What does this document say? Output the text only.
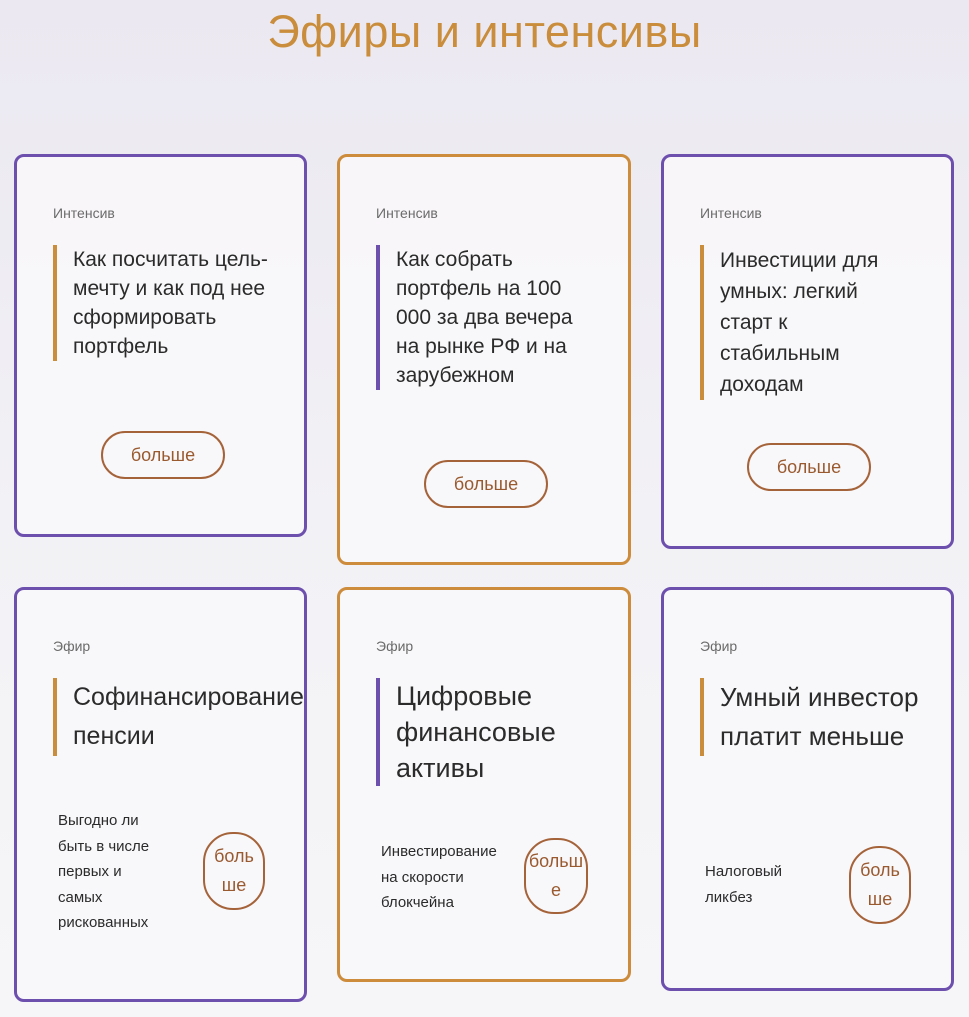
Эфиры и интенсивы
Интенсив
Как посчитать цель-мечту и как под нее сформировать портфель
больше
Интенсив
Как собрать портфель на 100 000 за два вечера
на рынке РФ и на зарубежном
больше
Интенсив
Инвестиции для умных: легкий старт к стабильным доходам
больше
Эфир
Софинансирование пенсии
Выгодно ли быть в числе первых и самых рискованных
больше
Эфир
Цифровые финансовые активы
Инвестирование на скорости блокчейна
больше
Эфир
Умный инвестор платит меньше
Налоговый ликбез
больше
